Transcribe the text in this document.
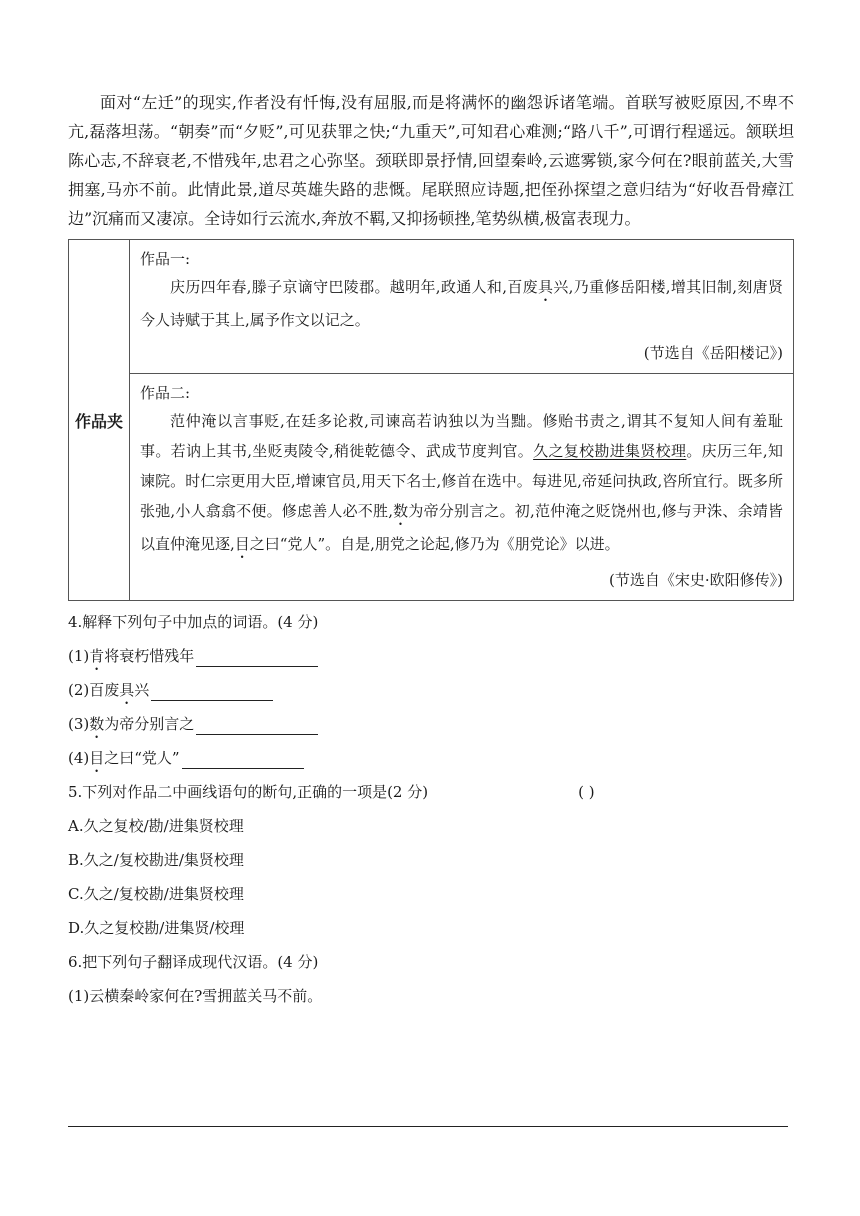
面对“左迁”的现实,作者没有忏悔,没有屈服,而是将满怀的幽怨诉诸笔端。首联写被贬原因,不卑不亢,磊落坦荡。“朝奏”而“夕贬”,可见获罪之快;“九重天”,可知君心难测;“路八千”,可谓行程遥远。颔联坦陈心志,不辞衰老,不惜残年,忠君之心弥坚。颈联即景抒情,回望秦岭,云遮雾锁,家今何在?眼前蓝关,大雪拥塞,马亦不前。此情此景,道尽英雄失路的悲慨。尾联照应诗题,把侄孙探望之意归结为“好收吾骨瘴江边”沉痛而又凄凉。全诗如行云流水,奔放不羁,又抑扬顿挫,笔势纵横,极富表现力。

作品夹
作品一:

庆历四年春,滕子京谪守巴陵郡。越明年,政通人和,百废具兴,乃重修岳阳楼,增其旧制,刻唐贤今人诗赋于其上,属予作文以记之。

(节选自《岳阳楼记》)
作品二:

范仲淹以言事贬,在廷多论救,司谏高若讷独以为当黜。修贻书责之,谓其不复知人间有羞耻事。若讷上其书,坐贬夷陵令,稍徙乾德令、武成节度判官。久之复校勘进集贤校理。庆历三年,知谏院。时仁宗更用大臣,增谏官员,用天下名士,修首在选中。每进见,帝延问执政,咨所宜行。既多所张弛,小人翕翕不便。修虑善人必不胜,数为帝分别言之。初,范仲淹之贬饶州也,修与尹洙、余靖皆以直仲淹见逐,目之曰“党人”。自是,朋党之论起,修乃为《朋党论》以进。

(节选自《宋史·欧阳修传》)
4.解释下列句子中加点的词语。(4 分)
(1) 肯 将衰朽惜残年
(2)百废 具 兴
(3) 数 为帝分别言之
(4) 目 之曰“党人”
5.下列对作品二中画线语句的断句,正确的一项是(2 分)	( )
A.久之复校/勘/进集贤校理
B.久之/复校勘进/集贤校理
C.久之/复校勘/进集贤校理
D.久之复校勘/进集贤/校理
6.把下列句子翻译成现代汉语。(4 分)
(1)云横秦岭家何在?雪拥蓝关马不前。
